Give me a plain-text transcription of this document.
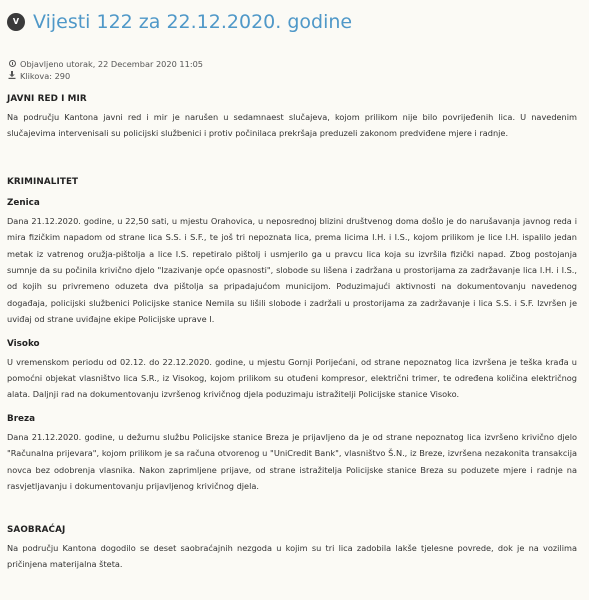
V Vijesti 122 za 22.12.2020. godine
Objavljeno utorak, 22 Decembar 2020 11:05
Klikova: 290
JAVNI RED I MIR

Na području Kantona javni red i mir je narušen u sedamnaest slučajeva, kojom prilikom nije bilo povrijeđenih lica. U navedenim slučajevima intervenisali su policijski službenici i protiv počinilaca prekršaja preduzeli zakonom predviđene mjere i radnje.

KRIMINALITET
Zenica

Dana 21.12.2020. godine, u 22,50 sati, u mjestu Orahovica, u neposrednoj blizini društvenog doma došlo je do narušavanja javnog reda i mira fizičkim napadom od strane lica S.S. i S.F., te još tri nepoznata lica, prema licima I.H. i I.S., kojom prilikom je lice I.H. ispalilo jedan metak iz vatrenog oružja-pištolja a lice I.S. repetiralo pištolj i usmjerilo ga u pravcu lica koja su izvršila fizički napad. Zbog postojanja sumnje da su počinila krivično djelo "Izazivanje opće opasnosti", slobode su lišena i zadržana u prostorijama za zadržavanje lica I.H. i I.S., od kojih su privremeno oduzeta dva pištolja sa pripadajućom municijom. Poduzimajući aktivnosti na dokumentovanju navedenog događaja, policijski službenici Policijske stanice Nemila su lišili slobode i zadržali u prostorijama za zadržavanje i lica S.S. i S.F. Izvršen je uviđaj od strane uviđajne ekipe Policijske uprave I.

Visoko

U vremenskom periodu od 02.12. do 22.12.2020. godine, u mjestu Gornji Porijećani, od strane nepoznatog lica izvršena je teška krađa u pomoćni objekat vlasništvo lica S.R., iz Visokog, kojom prilikom su otuđeni kompresor, električni trimer, te određena količina električnog alata. Daljnji rad na dokumentovanju izvršenog krivičnog djela poduzimaju istražitelji Policijske stanice Visoko.

Breza

Dana 21.12.2020. godine, u dežurnu službu Policijske stanice Breza je prijavljeno da je od strane nepoznatog lica izvršeno krivično djelo "Računalna prijevara", kojom prilikom je sa računa otvorenog u "UniCredit Bank", vlasništvo Š.N., iz Breze, izvršena nezakonita transakcija novca bez odobrenja vlasnika. Nakon zaprimljene prijave, od strane istražitelja Policijske stanice Breza su poduzete mjere i radnje na rasvjetljavanju i dokumentovanju prijavljenog krivičnog djela.

SAOBRAĆAJ

Na području Kantona dogodilo se deset saobraćajnih nezgoda u kojim su tri lica zadobila lakše tjelesne povrede, dok je na vozilima pričinjena materijalna šteta.
